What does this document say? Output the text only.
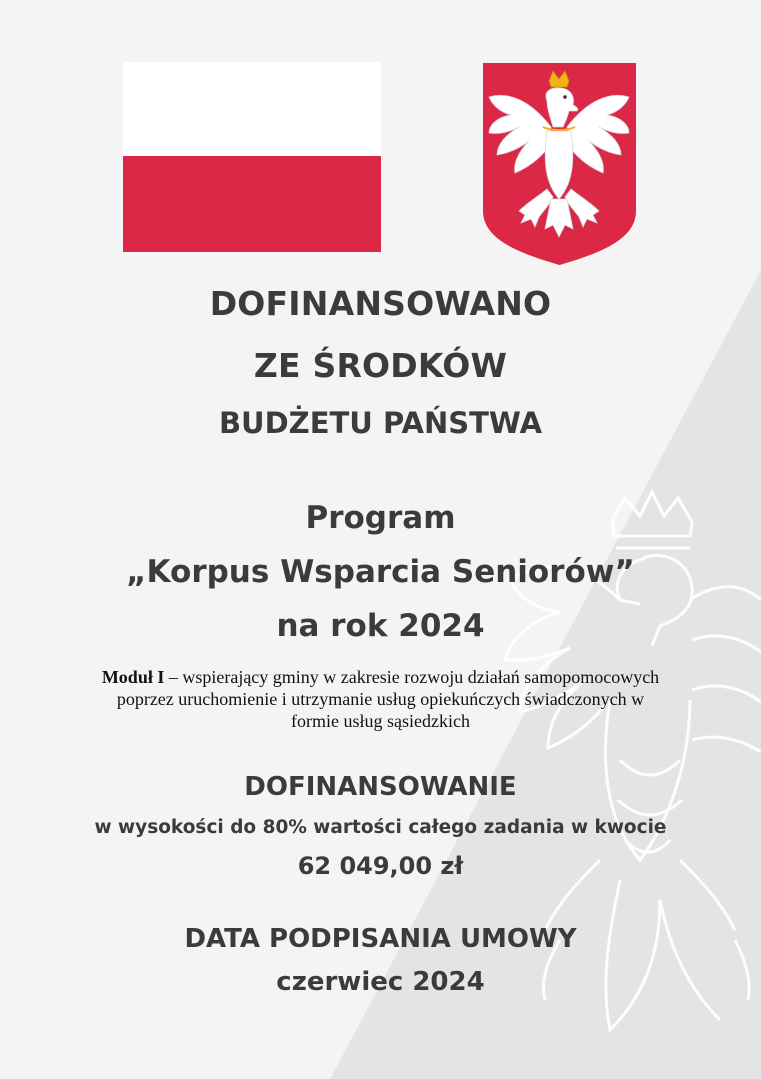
DOFINANSOWANO
ZE ŚRODKÓW
BUDŻETU PAŃSTWA
Program
„Korpus Wsparcia Seniorów”
na rok 2024
Moduł I – wspierający gminy w zakresie rozwoju działań samopomocowych
poprzez uruchomienie i utrzymanie usług opiekuńczych świadczonych w
formie usług sąsiedzkich
DOFINANSOWANIE
w wysokości do 80% wartości całego zadania w kwocie
62 049,00 zł
DATA PODPISANIA UMOWY
czerwiec 2024
